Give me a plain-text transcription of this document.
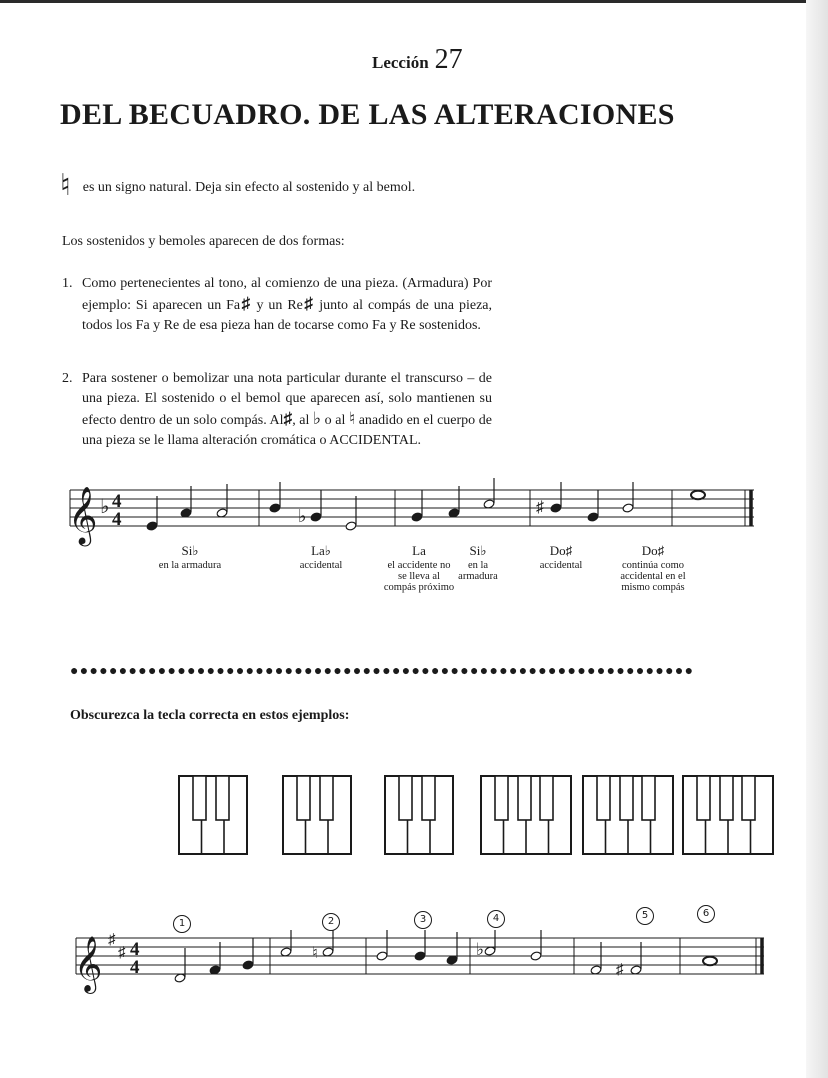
Lección 27
DEL BECUADRO. DE LAS ALTERACIONES
♮ es un signo natural. Deja sin efecto al sostenido y al bemol.
Los sostenidos y bemoles aparecen de dos formas:
1. Como pertenecientes al tono, al comienzo de una pieza. (Armadura) Por ejemplo: Si aparecen un Fa♯ y un Re♯ junto al compás de una pieza, todos los Fa y Re de esa pieza han de tocarse como Fa y Re sostenidos.
2. Para sostener o bemolizar una nota particular durante el transcurso – de una pieza. El sostenido o el bemol que aparecen así, solo mantienen su efecto dentro de un solo compás. Al♯, al ♭ o al ♮ anadido en el cuerpo de una pieza se le llama alteración cromática o ACCIDENTAL.
𝄞 ♭ 4
4	♭	♯
Si♭
en la armadura
La♭
accidental
La
el accidente no se lleva al compás próximo
Si♭
en la armadura
Do♯
accidental
Do♯
continúa como accidental en el mismo compás
●●●●●●●●●●●●●●●●●●●●●●●●●●●●●●●●●●●●●●●●●●●●●●●●●●●●●●●●●●●●●●●●
Obscurezca la tecla correcta en estos ejemplos:
1	2	3	4	5	6
𝄞 ♯
♯ 4
4
♮	♭
♯
